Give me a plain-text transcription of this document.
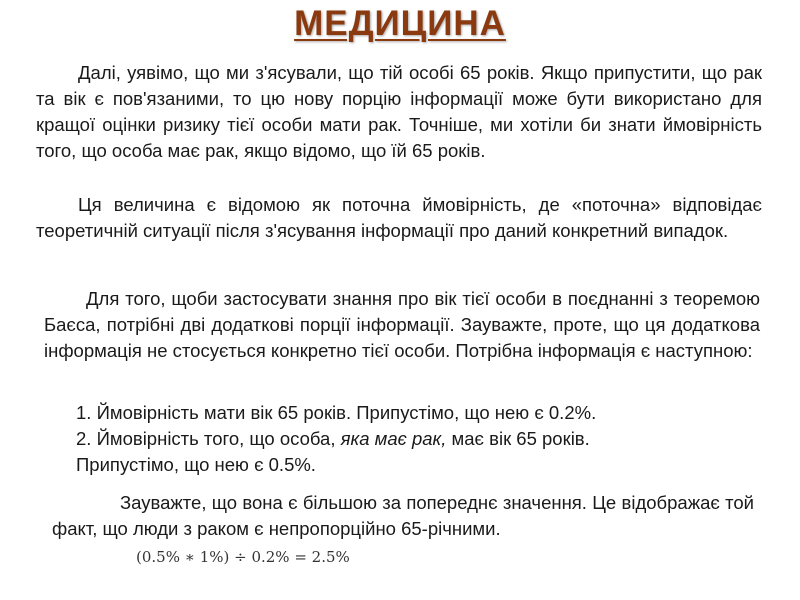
МЕДИЦИНА
Далі, уявімо, що ми з'ясували, що тій особі 65 років. Якщо припустити, що рак та вік є пов'язаними, то цю нову порцію інформації може бути використано для кращої оцінки ризику тієї особи мати рак. Точніше, ми хотіли би знати ймовірність того, що особа має рак, якщо відомо, що їй 65 років.
Ця величина є відомою як поточна ймовірність, де «поточна» відповідає теоретичній ситуації після з'ясування інформації про даний конкретний випадок.
Для того, щоби застосувати знання про вік тієї особи в поєднанні з теоремою Баєса, потрібні дві додаткові порції інформації. Зауважте, проте, що ця додаткова інформація не стосується конкретно тієї особи. Потрібна інформація є наступною:
1. Ймовірність мати вік 65 років. Припустімо, що нею є 0.2%.
2. Ймовірність того, що особа, яка має рак, має вік 65 років.
Припустімо, що нею є 0.5%.
Зауважте, що вона є більшою за попереднє значення. Це відображає той факт, що люди з раком є непропорційно 65-річними.
(0.5% ∗ 1%) ÷ 0.2% = 2.5%
